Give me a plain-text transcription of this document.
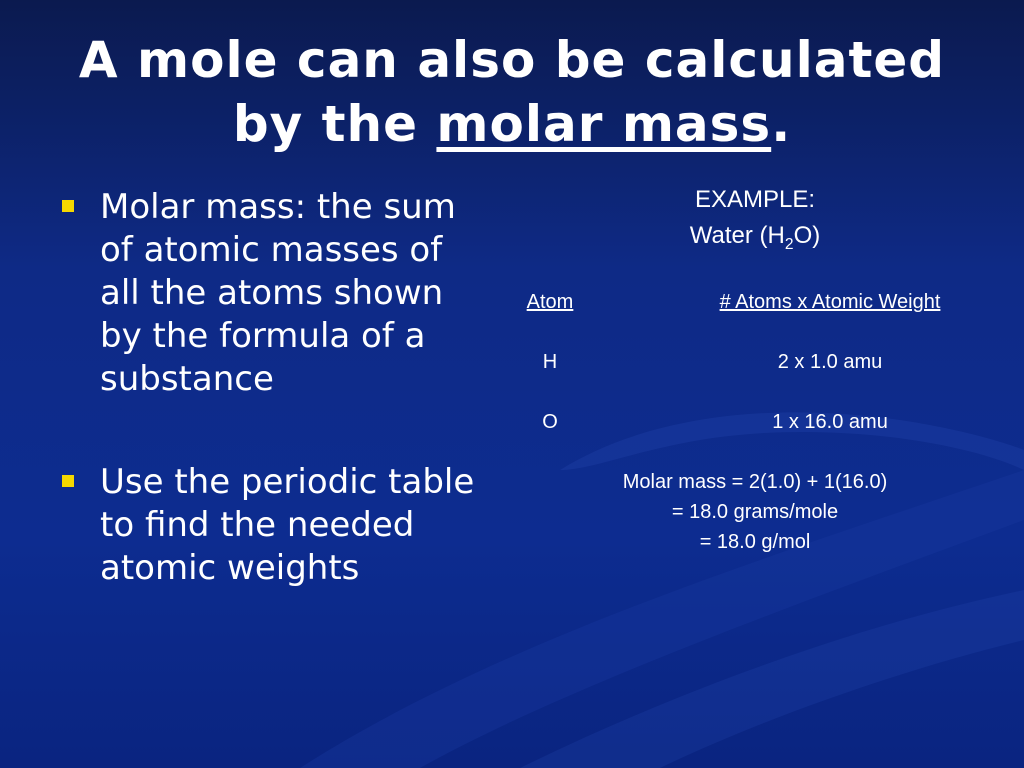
A mole can also be calculated
by the molar mass.
Molar mass: the sum of atomic masses of all the atoms shown by the formula of a substance
Use the periodic table to find the needed atomic weights
EXAMPLE:
Water $(H_2O)$
Atom	# Atoms x Atomic Weight
H	2 x 1.0 amu
O	1 x 16.0 amu
Molar mass = 2(1.0) + 1(16.0)
= 18.0 grams/mole
= 18.0 g/mol
